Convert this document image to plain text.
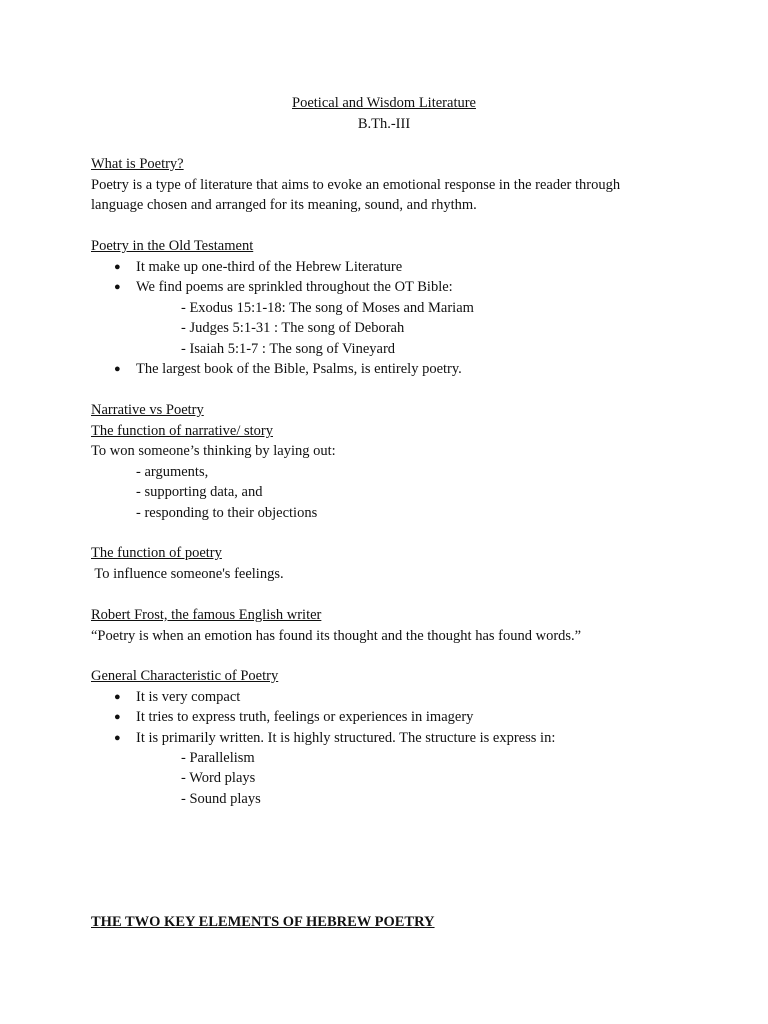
Poetical and Wisdom Literature
B.Th.-III
What is Poetry?
Poetry is a type of literature that aims to evoke an emotional response in the reader through
language chosen and arranged for its meaning, sound, and rhythm.
Poetry in the Old Testament
● It make up one-third of the Hebrew Literature
● We find poems are sprinkled throughout the OT Bible:
- Exodus 15:1-18: The song of Moses and Mariam
- Judges 5:1-31 : The song of Deborah
- Isaiah 5:1-7 : The song of Vineyard
● The largest book of the Bible, Psalms, is entirely poetry.
Narrative vs Poetry
The function of narrative/ story
To won someone’s thinking by laying out:
- arguments,
- supporting data, and
- responding to their objections
The function of poetry
To influence someone's feelings.
Robert Frost, the famous English writer
“Poetry is when an emotion has found its thought and the thought has found words.”
General Characteristic of Poetry
● It is very compact
● It tries to express truth, feelings or experiences in imagery
● It is primarily written. It is highly structured. The structure is express in:
- Parallelism
- Word plays
- Sound plays
THE TWO KEY ELEMENTS OF HEBREW POETRY
